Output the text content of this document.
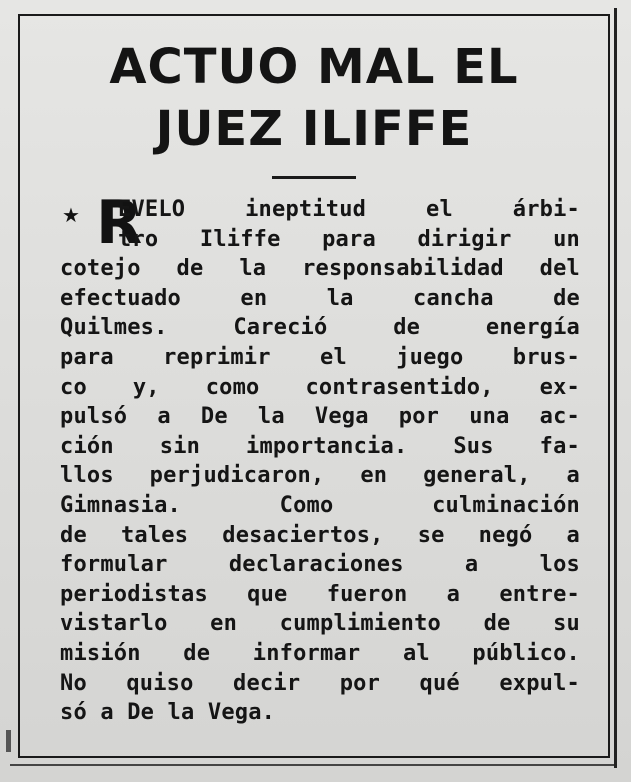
ACTUO MAL EL
JUEZ ILIFFE
★ R
EVELO ineptitud el árbi-
tro Iliffe para dirigir un
cotejo de la responsabilidad del
efectuado en la cancha de
Quilmes. Careció de energía
para reprimir el juego brus-
co y, como contrasentido, ex-
pulsó a De la Vega por una ac-
ción sin importancia. Sus fa-
llos perjudicaron, en general, a
Gimnasia. Como culminación
de tales desaciertos, se negó a
formular declaraciones a los
periodistas que fueron a entre-
vistarlo en cumplimiento de su
misión de informar al público.
No quiso decir por qué expul-
só a De la Vega.
